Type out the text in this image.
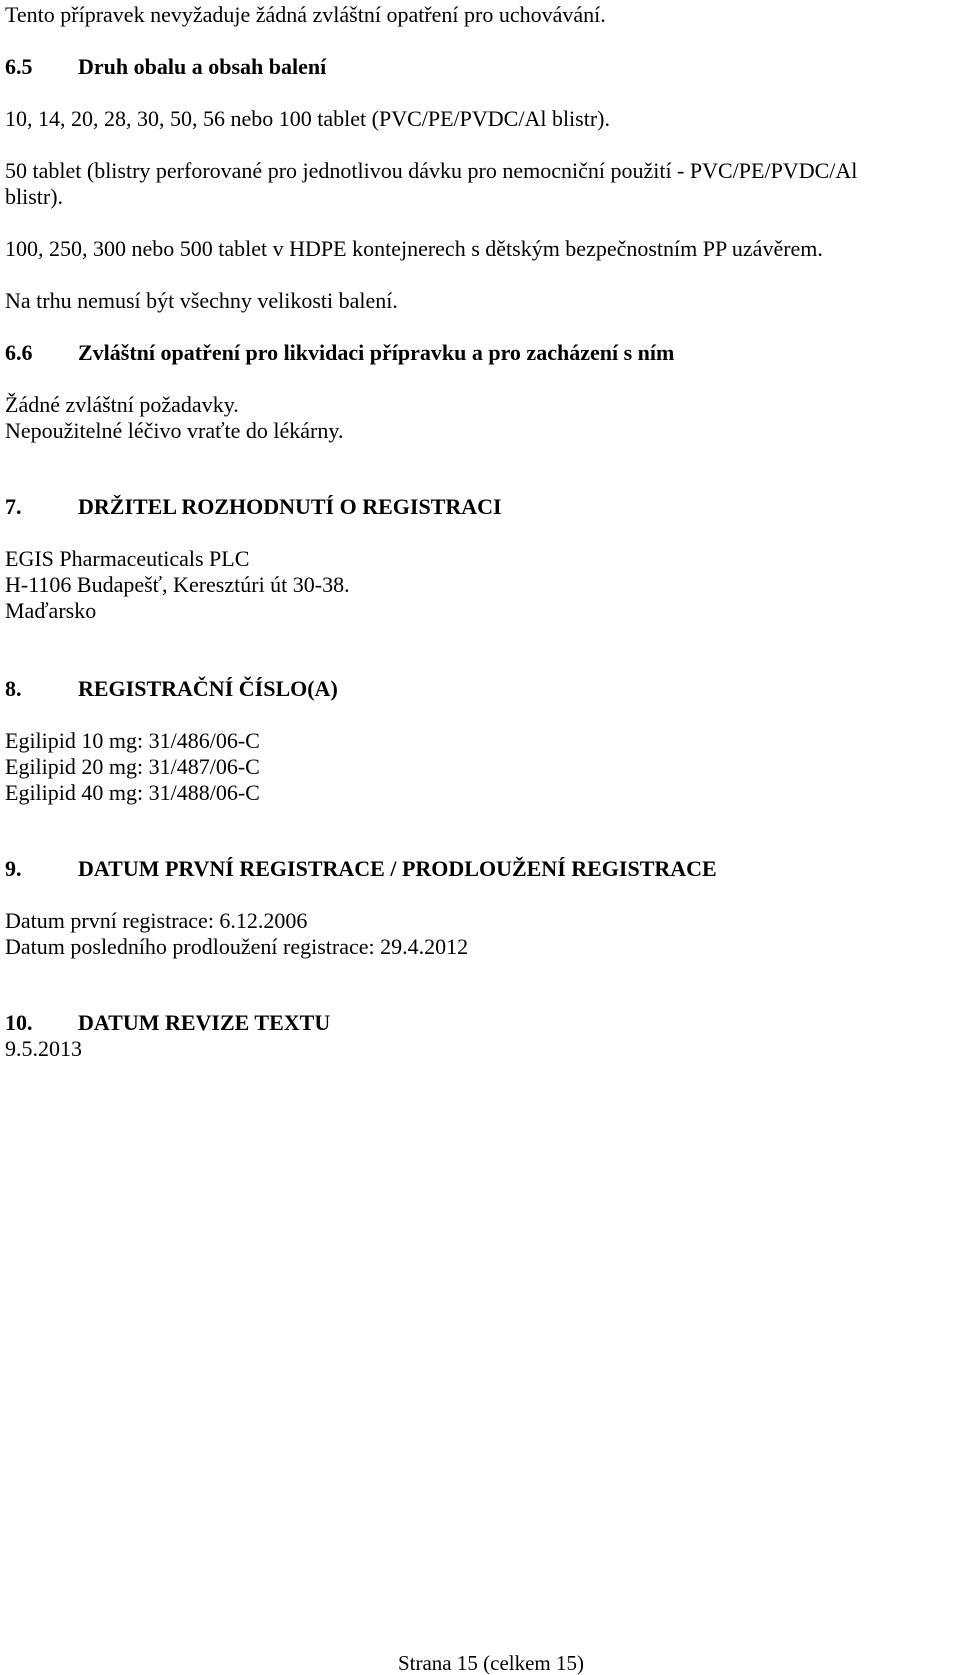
Tento přípravek nevyžaduje žádná zvláštní opatření pro uchovávání.
6.5 Druh obalu a obsah balení
10, 14, 20, 28, 30, 50, 56 nebo 100 tablet (PVC/PE/PVDC/Al blistr).
50 tablet (blistry perforované pro jednotlivou dávku pro nemocniční použití - PVC/PE/PVDC/Al
blistr).
100, 250, 300 nebo 500 tablet v HDPE kontejnerech s dětským bezpečnostním PP uzávěrem.
Na trhu nemusí být všechny velikosti balení.
6.6 Zvláštní opatření pro likvidaci přípravku a pro zacházení s ním
Žádné zvláštní požadavky.
Nepoužitelné léčivo vraťte do lékárny.
7.	DRŽITEL ROZHODNUTÍ O REGISTRACI
EGIS Pharmaceuticals PLC
H-1106 Budapešť, Keresztúri út 30-38.
Maďarsko
8.	REGISTRAČNÍ ČÍSLO(A)
Egilipid 10 mg: 31/486/06-C
Egilipid 20 mg: 31/487/06-C
Egilipid 40 mg: 31/488/06-C
9.	DATUM PRVNÍ REGISTRACE / PRODLOUŽENÍ REGISTRACE
Datum první registrace: 6.12.2006
Datum posledního prodloužení registrace: 29.4.2012
10. DATUM REVIZE TEXTU
9.5.2013
Strana 15 (celkem 15)
